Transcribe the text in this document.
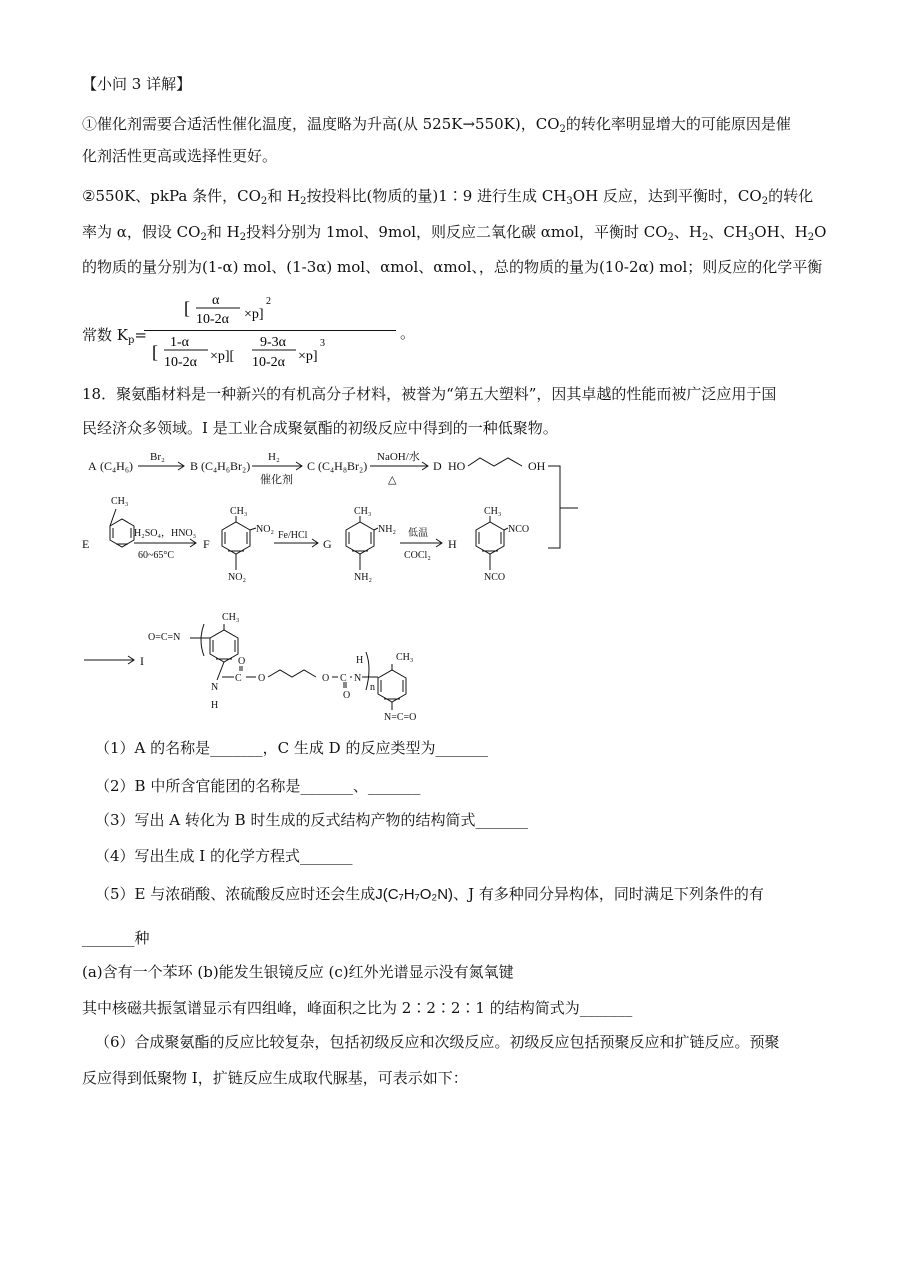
【小问 3 详解】
①催化剂需要合适活性催化温度，温度略为升高(从 525K→550K)，$CO_2$的转化率明显增大的可能原因是催
化剂活性更高或选择性更好。
②550K、pkPa 条件，$CO_2$和 $H_2$按投料比(物质的量)1∶9 进行生成 $CH_3OH$ 反应，达到平衡时，$CO_2$的转化
率为 α，假设 $CO_2$和 $H_2$投料分别为 1mol、9mol，则反应二氧化碳 αmol，平衡时 $CO_2$、$H_2$、$CH_3OH$、$H_2O$
的物质的量分别为(1-α) mol、(1-3α) mol、αmol、αmol、，总的物质的量为(10-2α) mol；则反应的化学平衡
常数 $K_p=$	。
[ α
10-2α ×p]
2
[ 1-α
10-2α ×p][
9-3α
10-2α ×p]
3
18．聚氨酯材料是一种新兴的有机高分子材料，被誉为“第五大塑料”，因其卓越的性能而被广泛应用于国
民经济众多领域。I 是工业合成聚氨酯的初级反应中得到的一种低聚物。
A (C₄H₆)
Br₂
B (C₄H₆Br₂)
H₂
催化剂
C (C₄H₈Br₂)
NaOH/水
△
D HO	OH
E
CH₃
H₂SO₄，HNO₃
60~65°C
F
CH₃
NO₂
NO₂
Fe/HCl
G
CH₃
NH₂
NH₂
低温
COCl₂
H
CH₃
NCO
NCO
I
CH₃
O=C=N
N
H
C
O
O	O C
O
N
H
n
CH₃
N=C=O
（1）A 的名称是_______，C 生成 D 的反应类型为_______
（2）B 中所含官能团的名称是_______、_______
（3）写出 A 转化为 B 时生成的反式结构产物的结构简式_______
（4）写出生成 I 的化学方程式_______
（5）E 与浓硝酸、浓硫酸反应时还会生成J(C₇H₇O₂N)、J 有多种同分异构体，同时满足下列条件的有
_______种
(a)含有一个苯环 (b)能发生银镜反应 (c)红外光谱显示没有氮氧键
其中核磁共振氢谱显示有四组峰，峰面积之比为 2∶2∶2∶1 的结构简式为_______
（6）合成聚氨酯的反应比较复杂，包括初级反应和次级反应。初级反应包括预聚反应和扩链反应。预聚
反应得到低聚物 I，扩链反应生成取代脲基，可表示如下：
